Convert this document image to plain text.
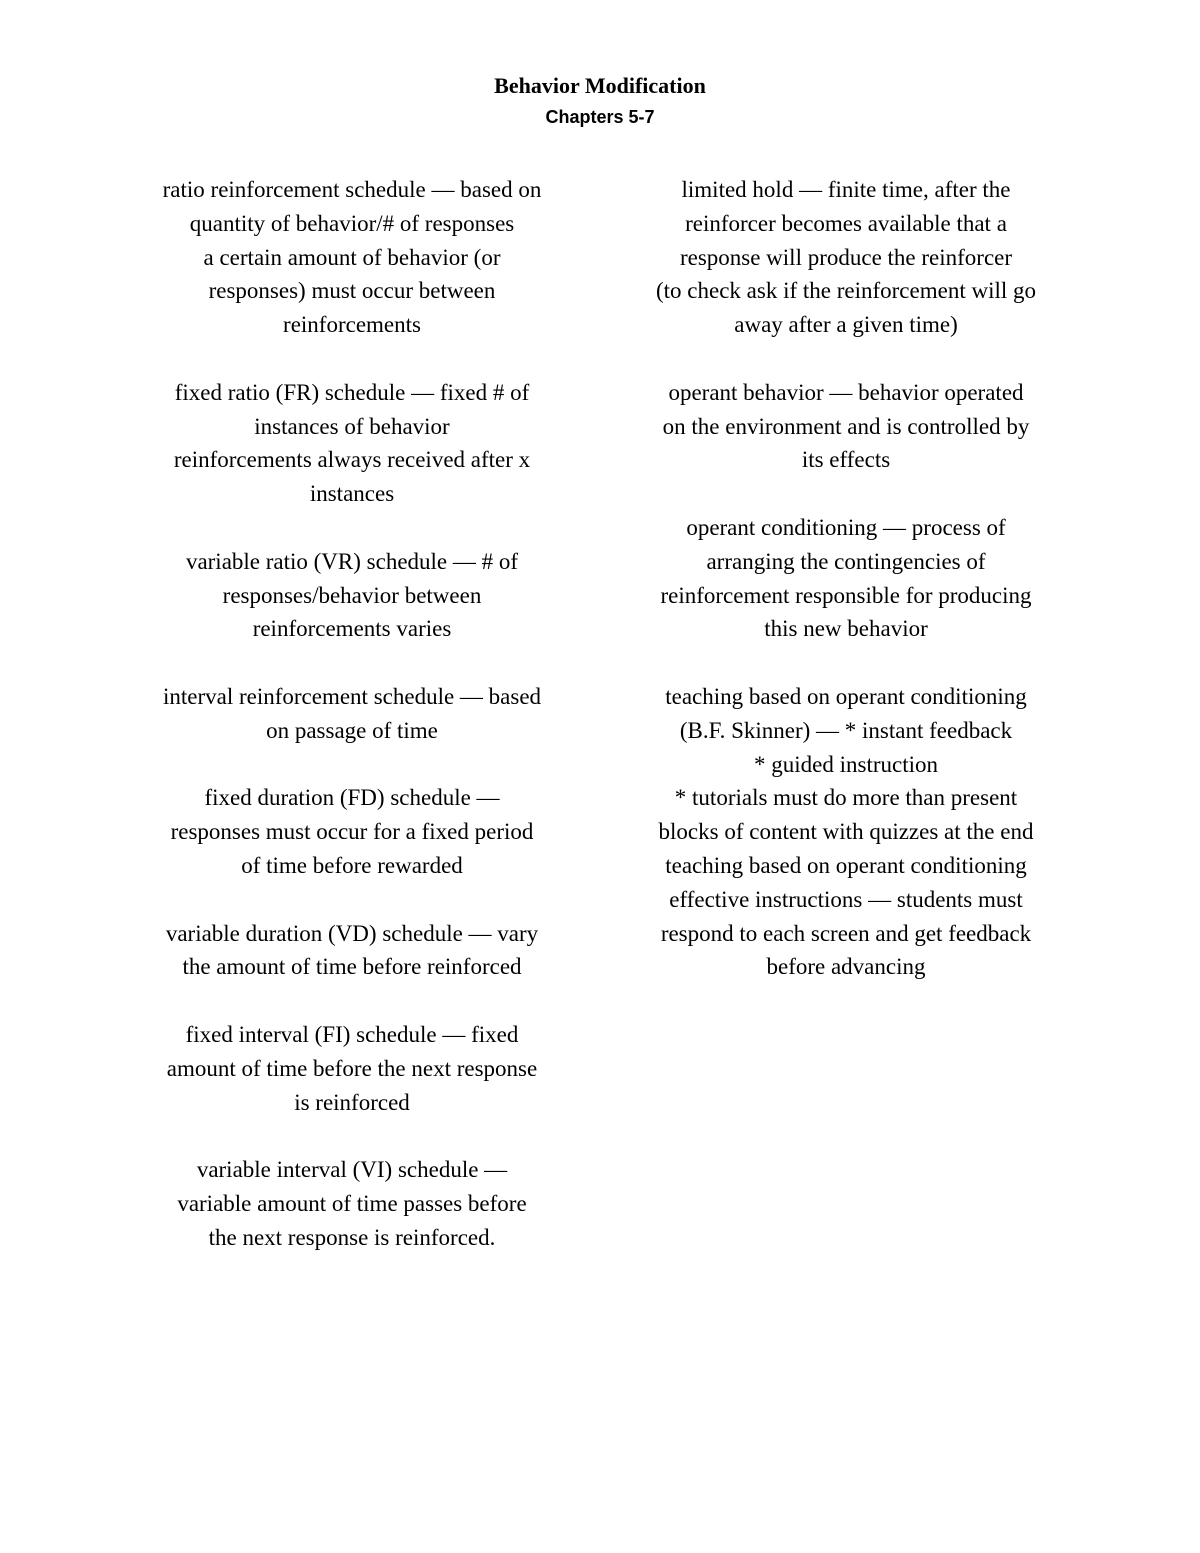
Behavior Modification
Chapters 5-7
ratio reinforcement schedule — based on
quantity of behavior/# of responses
a certain amount of behavior (or
responses) must occur between
reinforcements
fixed ratio (FR) schedule — fixed # of
instances of behavior
reinforcements always received after x
instances
variable ratio (VR) schedule — # of
responses/behavior between
reinforcements varies
interval reinforcement schedule — based
on passage of time
fixed duration (FD) schedule —
responses must occur for a fixed period
of time before rewarded
variable duration (VD) schedule — vary
the amount of time before reinforced
fixed interval (FI) schedule — fixed
amount of time before the next response
is reinforced
variable interval (VI) schedule —
variable amount of time passes before
the next response is reinforced.
limited hold — finite time, after the
reinforcer becomes available that a
response will produce the reinforcer
(to check ask if the reinforcement will go
away after a given time)
operant behavior — behavior operated
on the environment and is controlled by
its effects
operant conditioning — process of
arranging the contingencies of
reinforcement responsible for producing
this new behavior
teaching based on operant conditioning
(B.F. Skinner) — * instant feedback
* guided instruction
* tutorials must do more than present
blocks of content with quizzes at the end
teaching based on operant conditioning
effective instructions — students must
respond to each screen and get feedback
before advancing
